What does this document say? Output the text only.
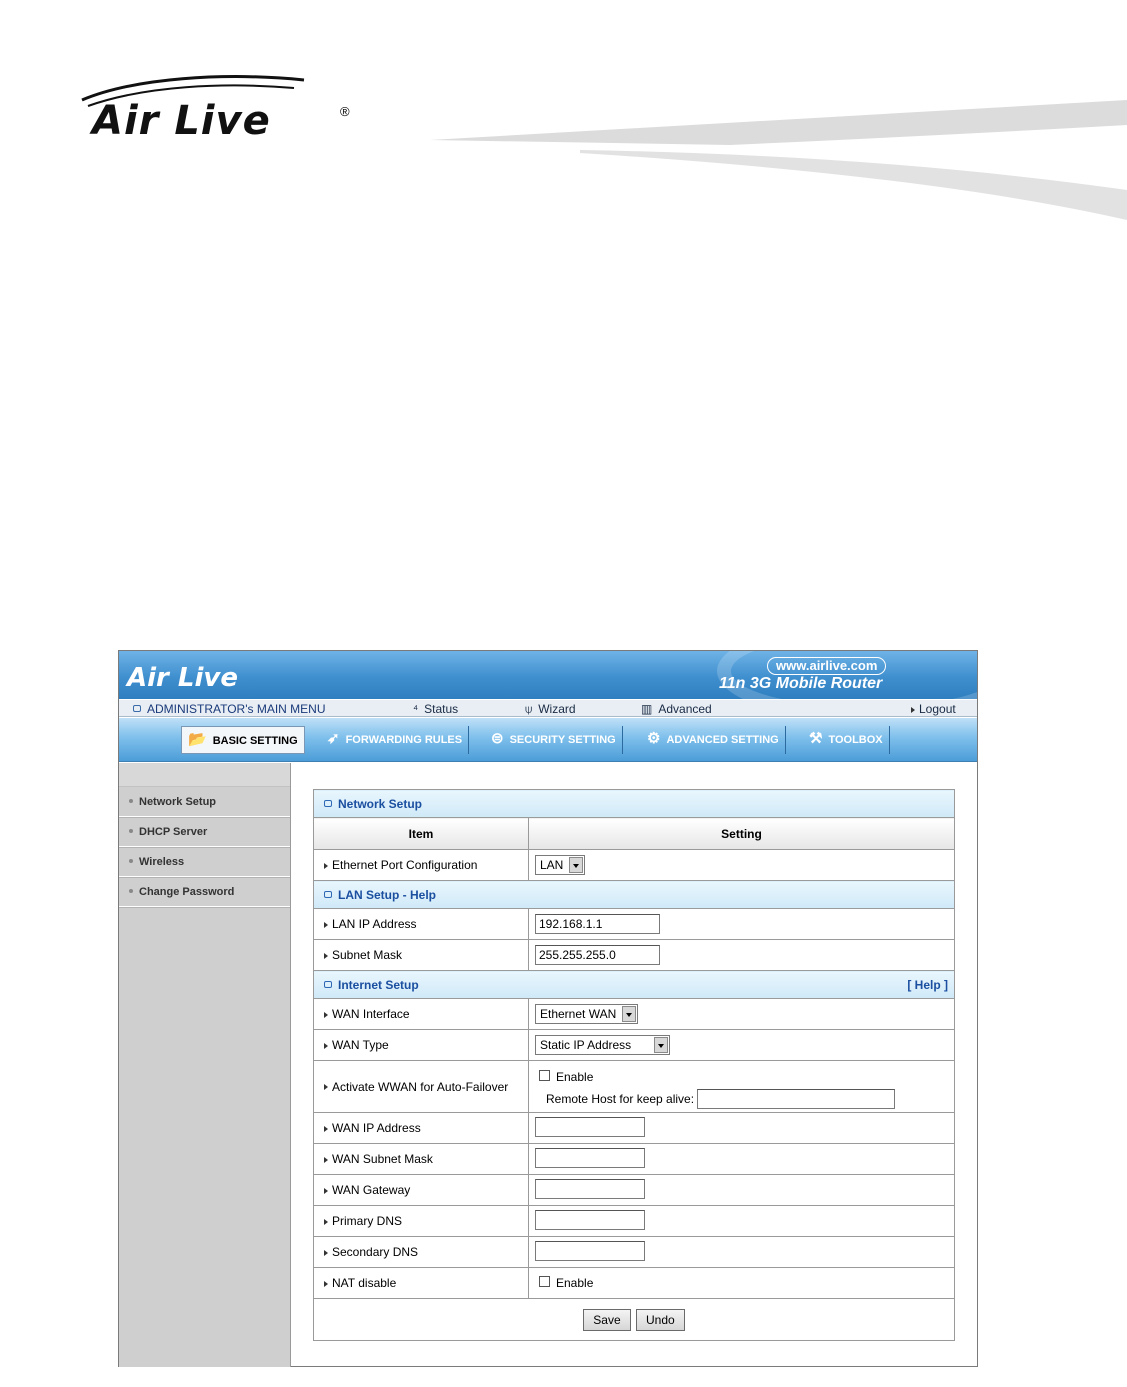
Air Live	®
Air Live	www.airlive.com
11n 3G Mobile Router
ADMINISTRATOR's MAIN MENU	⁴ Status	⍦ Wizard	▥ Advanced	Logout
📂 BASIC SETTING	➶ FORWARDING RULES	⊜ SECURITY SETTING	⚙ ADVANCED SETTING	⚒ TOOLBOX
Network Setup
DHCP Server
Wireless
Change Password
Network Setup	
Item	Setting
Ethernet Port Configuration	LAN

LAN Setup - Help	
LAN IP Address	192.168.1.1
Subnet Mask	255.255.255.0
Internet Setup [ Help ]	

WAN Interface	Ethernet WAN

WAN Type	Static IP Address

Activate WWAN for Auto-Failover	Enable
Remote Host for keep alive:

WAN IP Address	
WAN Subnet Mask	
WAN Gateway	
Primary DNS	
Secondary DNS	
NAT disable	Enable
Save Undo	
